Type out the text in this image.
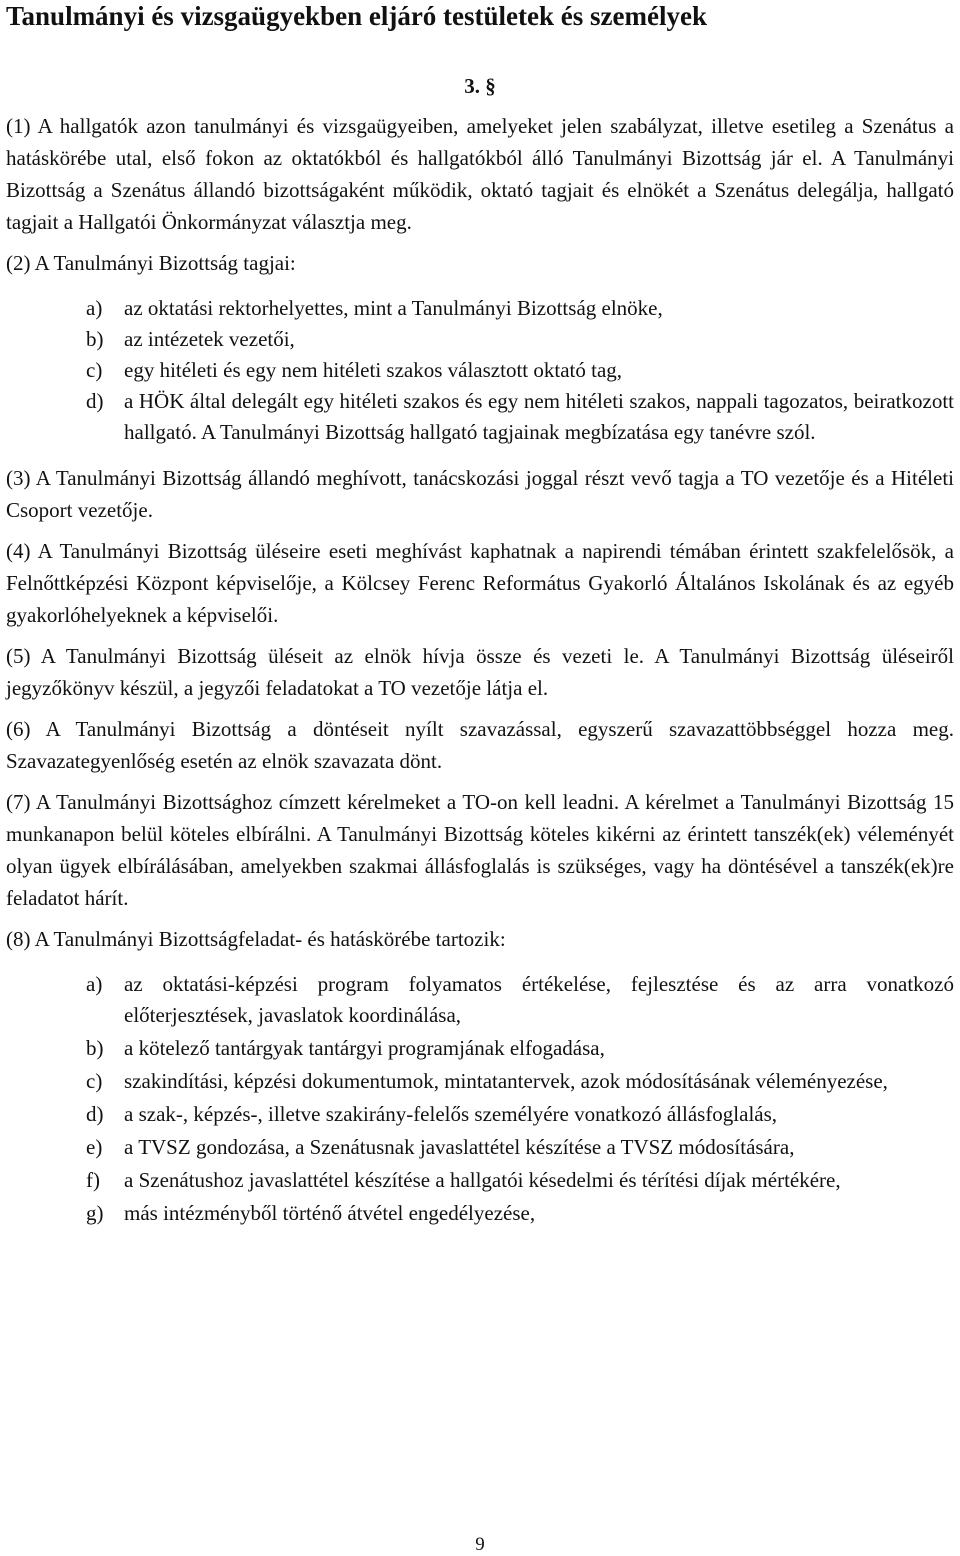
Tanulmányi és vizsgaügyekben eljáró testületek és személyek
3. §

(1) A hallgatók azon tanulmányi és vizsgaügyeiben, amelyeket jelen szabályzat, illetve esetileg a Szenátus a hatáskörébe utal, első fokon az oktatókból és hallgatókból álló Tanulmányi Bizottság jár el. A Tanulmányi Bizottság a Szenátus állandó bizottságaként működik, oktató tagjait és elnökét a Szenátus delegálja, hallgató tagjait a Hallgatói Önkormányzat választja meg.

(2) A Tanulmányi Bizottság tagjai:

a) az oktatási rektorhelyettes, mint a Tanulmányi Bizottság elnöke,
b) az intézetek vezetői,
c) egy hitéleti és egy nem hitéleti szakos választott oktató tag,
d) a HÖK által delegált egy hitéleti szakos és egy nem hitéleti szakos, nappali tagozatos, beiratkozott hallgató. A Tanulmányi Bizottság hallgató tagjainak megbízatása egy tanévre szól.

(3) A Tanulmányi Bizottság állandó meghívott, tanácskozási joggal részt vevő tagja a TO vezetője és a Hitéleti Csoport vezetője.

(4) A Tanulmányi Bizottság üléseire eseti meghívást kaphatnak a napirendi témában érintett szakfelelősök, a Felnőttképzési Központ képviselője, a Kölcsey Ferenc Református Gyakorló Általános Iskolának és az egyéb gyakorlóhelyeknek a képviselői.

(5) A Tanulmányi Bizottság üléseit az elnök hívja össze és vezeti le. A Tanulmányi Bizottság üléseiről jegyzőkönyv készül, a jegyzői feladatokat a TO vezetője látja el.

(6) A Tanulmányi Bizottság a döntéseit nyílt szavazással, egyszerű szavazattöbbséggel hozza meg. Szavazategyenlőség esetén az elnök szavazata dönt.

(7) A Tanulmányi Bizottsághoz címzett kérelmeket a TO-on kell leadni. A kérelmet a Tanulmányi Bizottság 15 munkanapon belül köteles elbírálni. A Tanulmányi Bizottság köteles kikérni az érintett tanszék(ek) véleményét olyan ügyek elbírálásában, amelyekben szakmai állásfoglalás is szükséges, vagy ha döntésével a tanszék(ek)re feladatot hárít.

(8) A Tanulmányi Bizottságfeladat- és hatáskörébe tartozik:

a) az oktatási-képzési program folyamatos értékelése, fejlesztése és az arra vonatkozó előterjesztések, javaslatok koordinálása,
b) a kötelező tantárgyak tantárgyi programjának elfogadása,
c) szakindítási, képzési dokumentumok, mintatantervek, azok módosításának véleményezése,
d) a szak-, képzés-, illetve szakirány-felelős személyére vonatkozó állásfoglalás,
e) a TVSZ gondozása, a Szenátusnak javaslattétel készítése a TVSZ módosítására,
f) a Szenátushoz javaslattétel készítése a hallgatói késedelmi és térítési díjak mértékére,
g) más intézményből történő átvétel engedélyezése,
9
